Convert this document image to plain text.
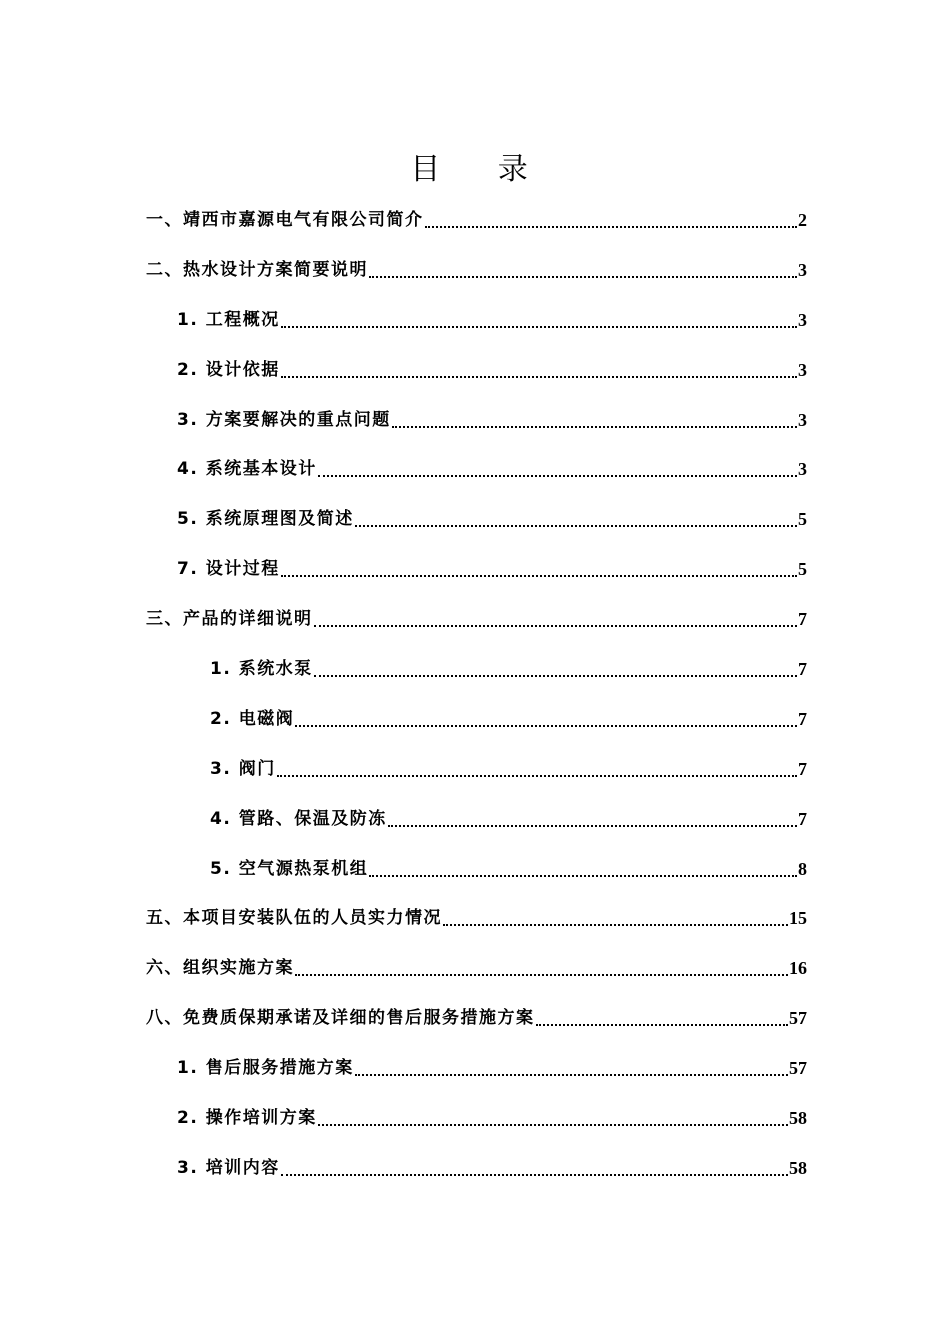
目 录
一、靖西市嘉源电气有限公司简介	2
二、热水设计方案简要说明	3
1. 工程概况	3
2. 设计依据	3
3. 方案要解决的重点问题	3
4. 系统基本设计	3
5. 系统原理图及简述	5
7. 设计过程	5
三、产品的详细说明	7
1. 系统水泵	7
2. 电磁阀	7
3. 阀门	7
4. 管路、保温及防冻	7
5. 空气源热泵机组	8
五、本项目安装队伍的人员实力情况	15
六、组织实施方案	16
八、免费质保期承诺及详细的售后服务措施方案	57
1. 售后服务措施方案	57
2. 操作培训方案	58
3. 培训内容	58
